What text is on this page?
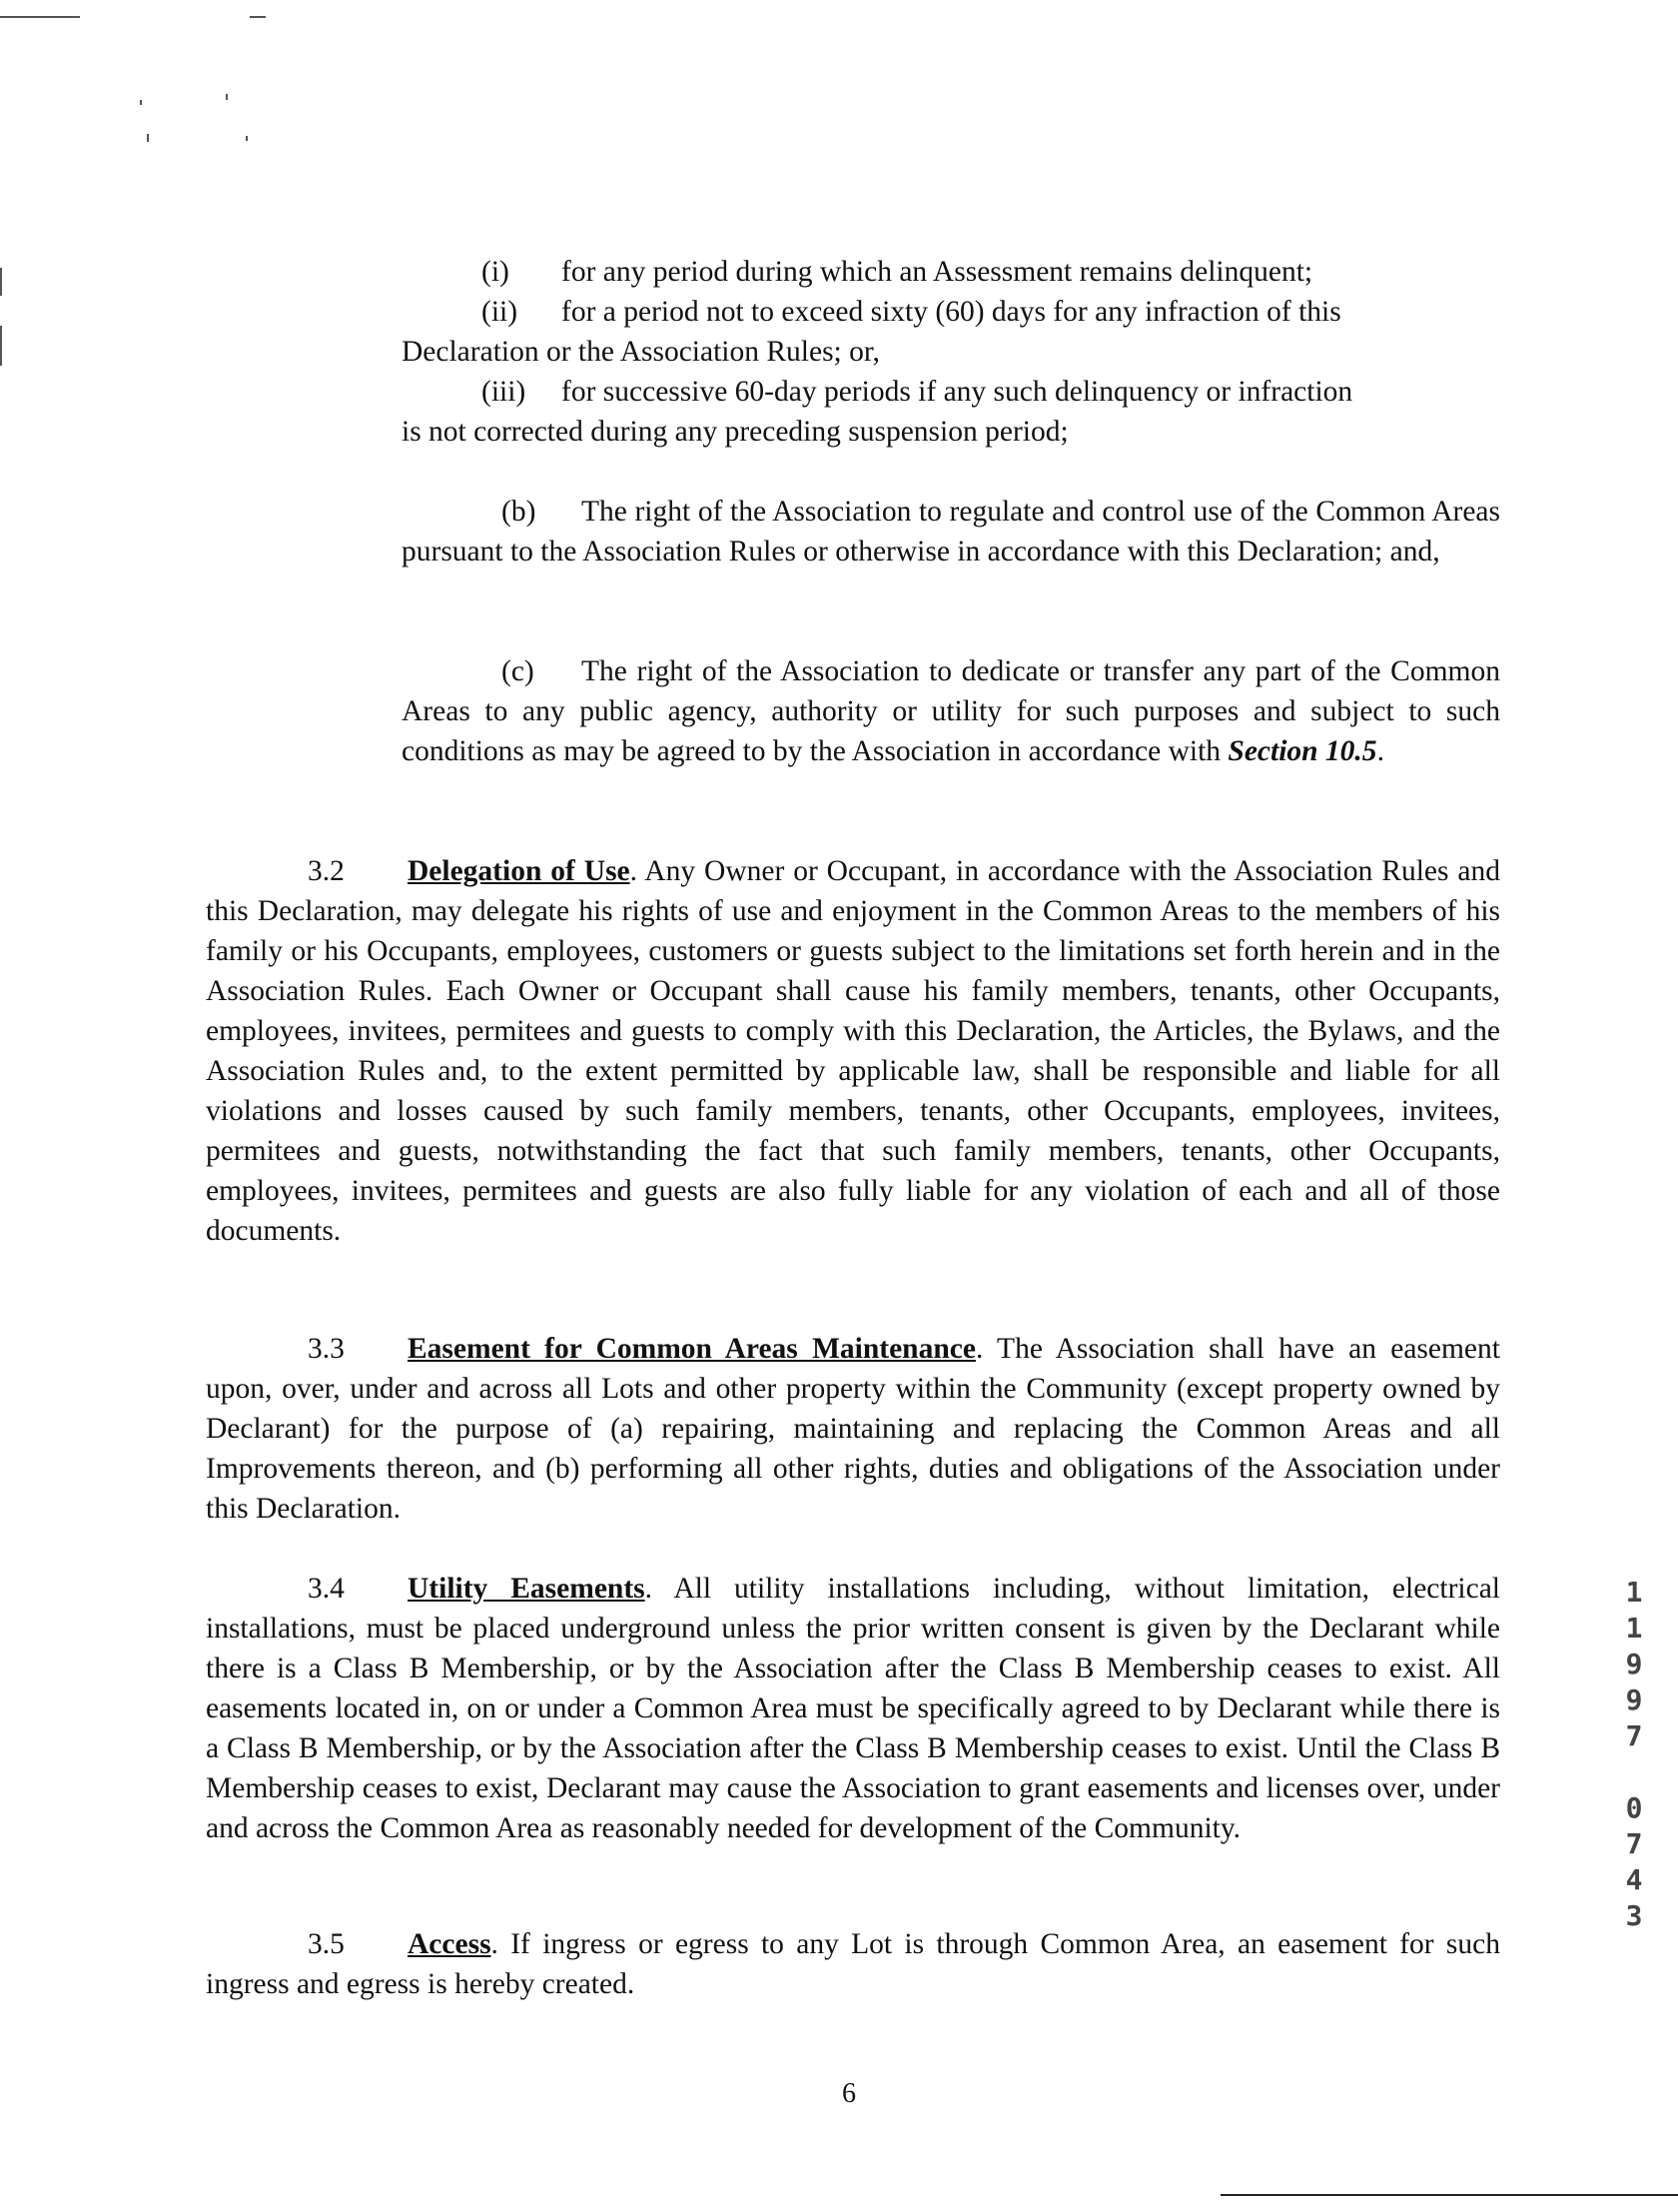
(i) for any period during which an Assessment remains delinquent;
(ii) for a period not to exceed sixty (60) days for any infraction of this
Declaration or the Association Rules; or,
(iii) for successive 60-day periods if any such delinquency or infraction
is not corrected during any preceding suspension period;
(b) The right of the Association to regulate and control use of the Common Areas pursuant to the Association Rules or otherwise in accordance with this Declaration; and,
(c) The right of the Association to dedicate or transfer any part of the Common Areas to any public agency, authority or utility for such purposes and subject to such conditions as may be agreed to by the Association in accordance with Section 10.5.
3.2 Delegation of Use. Any Owner or Occupant, in accordance with the Association Rules and this Declaration, may delegate his rights of use and enjoyment in the Common Areas to the members of his family or his Occupants, employees, customers or guests subject to the limitations set forth herein and in the Association Rules. Each Owner or Occupant shall cause his family members, tenants, other Occupants, employees, invitees, permitees and guests to comply with this Declaration, the Articles, the Bylaws, and the Association Rules and, to the extent permitted by applicable law, shall be responsible and liable for all violations and losses caused by such family members, tenants, other Occupants, employees, invitees, permitees and guests, notwithstanding the fact that such family members, tenants, other Occupants, employees, invitees, permitees and guests are also fully liable for any violation of each and all of those documents.
3.3 Easement for Common Areas Maintenance. The Association shall have an easement upon, over, under and across all Lots and other property within the Community (except property owned by Declarant) for the purpose of (a) repairing, maintaining and replacing the Common Areas and all Improvements thereon, and (b) performing all other rights, duties and obligations of the Association under this Declaration.
3.4 Utility Easements. All utility installations including, without limitation, electrical installations, must be placed underground unless the prior written consent is given by the Declarant while there is a Class B Membership, or by the Association after the Class B Membership ceases to exist. All easements located in, on or under a Common Area must be specifically agreed to by Declarant while there is a Class B Membership, or by the Association after the Class B Membership ceases to exist. Until the Class B Membership ceases to exist, Declarant may cause the Association to grant easements and licenses over, under and across the Common Area as reasonably needed for development of the Community.
3.5 Access. If ingress or egress to any Lot is through Common Area, an easement for such ingress and egress is hereby created.
1
1
9
9
7
0
7
4
3
6
